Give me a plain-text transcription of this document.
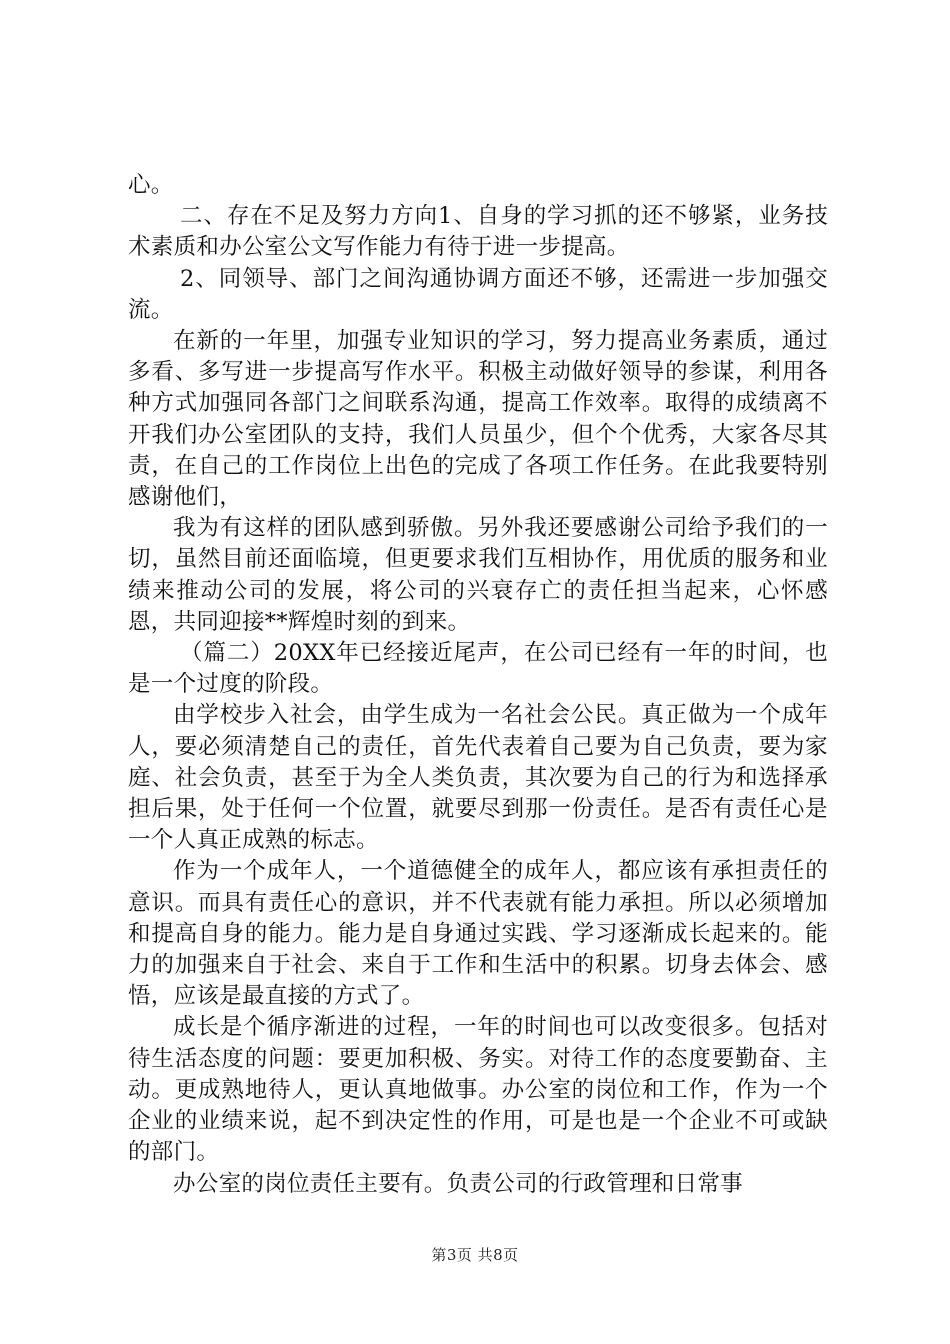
心。

二、存在不足及努力方向1、自身的学习抓的还不够紧，业务技术素质和办公室公文写作能力有待于进一步提高。

2、同领导、部门之间沟通协调方面还不够，还需进一步加强交流。

在新的一年里，加强专业知识的学习，努力提高业务素质，通过多看、多写进一步提高写作水平。积极主动做好领导的参谋，利用各种方式加强同各部门之间联系沟通，提高工作效率。取得的成绩离不开我们办公室团队的支持，我们人员虽少，但个个优秀，大家各尽其责，在自己的工作岗位上出色的完成了各项工作任务。在此我要特别感谢他们，

我为有这样的团队感到骄傲。另外我还要感谢公司给予我们的一切，虽然目前还面临境，但更要求我们互相协作，用优质的服务和业绩来推动公司的发展，将公司的兴衰存亡的责任担当起来，心怀感恩，共同迎接**辉煌时刻的到来。

（篇二）20XX年已经接近尾声，在公司已经有一年的时间，也是一个过度的阶段。

由学校步入社会，由学生成为一名社会公民。真正做为一个成年人，要必须清楚自己的责任，首先代表着自己要为自己负责，要为家庭、社会负责，甚至于为全人类负责，其次要为自己的行为和选择承担后果，处于任何一个位置，就要尽到那一份责任。是否有责任心是一个人真正成熟的标志。

作为一个成年人，一个道德健全的成年人，都应该有承担责任的意识。而具有责任心的意识，并不代表就有能力承担。所以必须增加和提高自身的能力。能力是自身通过实践、学习逐渐成长起来的。能力的加强来自于社会、来自于工作和生活中的积累。切身去体会、感悟，应该是最直接的方式了。

成长是个循序渐进的过程，一年的时间也可以改变很多。包括对待生活态度的问题：要更加积极、务实。对待工作的态度要勤奋、主动。更成熟地待人，更认真地做事。办公室的岗位和工作，作为一个企业的业绩来说，起不到决定性的作用，可是也是一个企业不可或缺的部门。

办公室的岗位责任主要有。负责公司的行政管理和日常事

第3页 共8页
